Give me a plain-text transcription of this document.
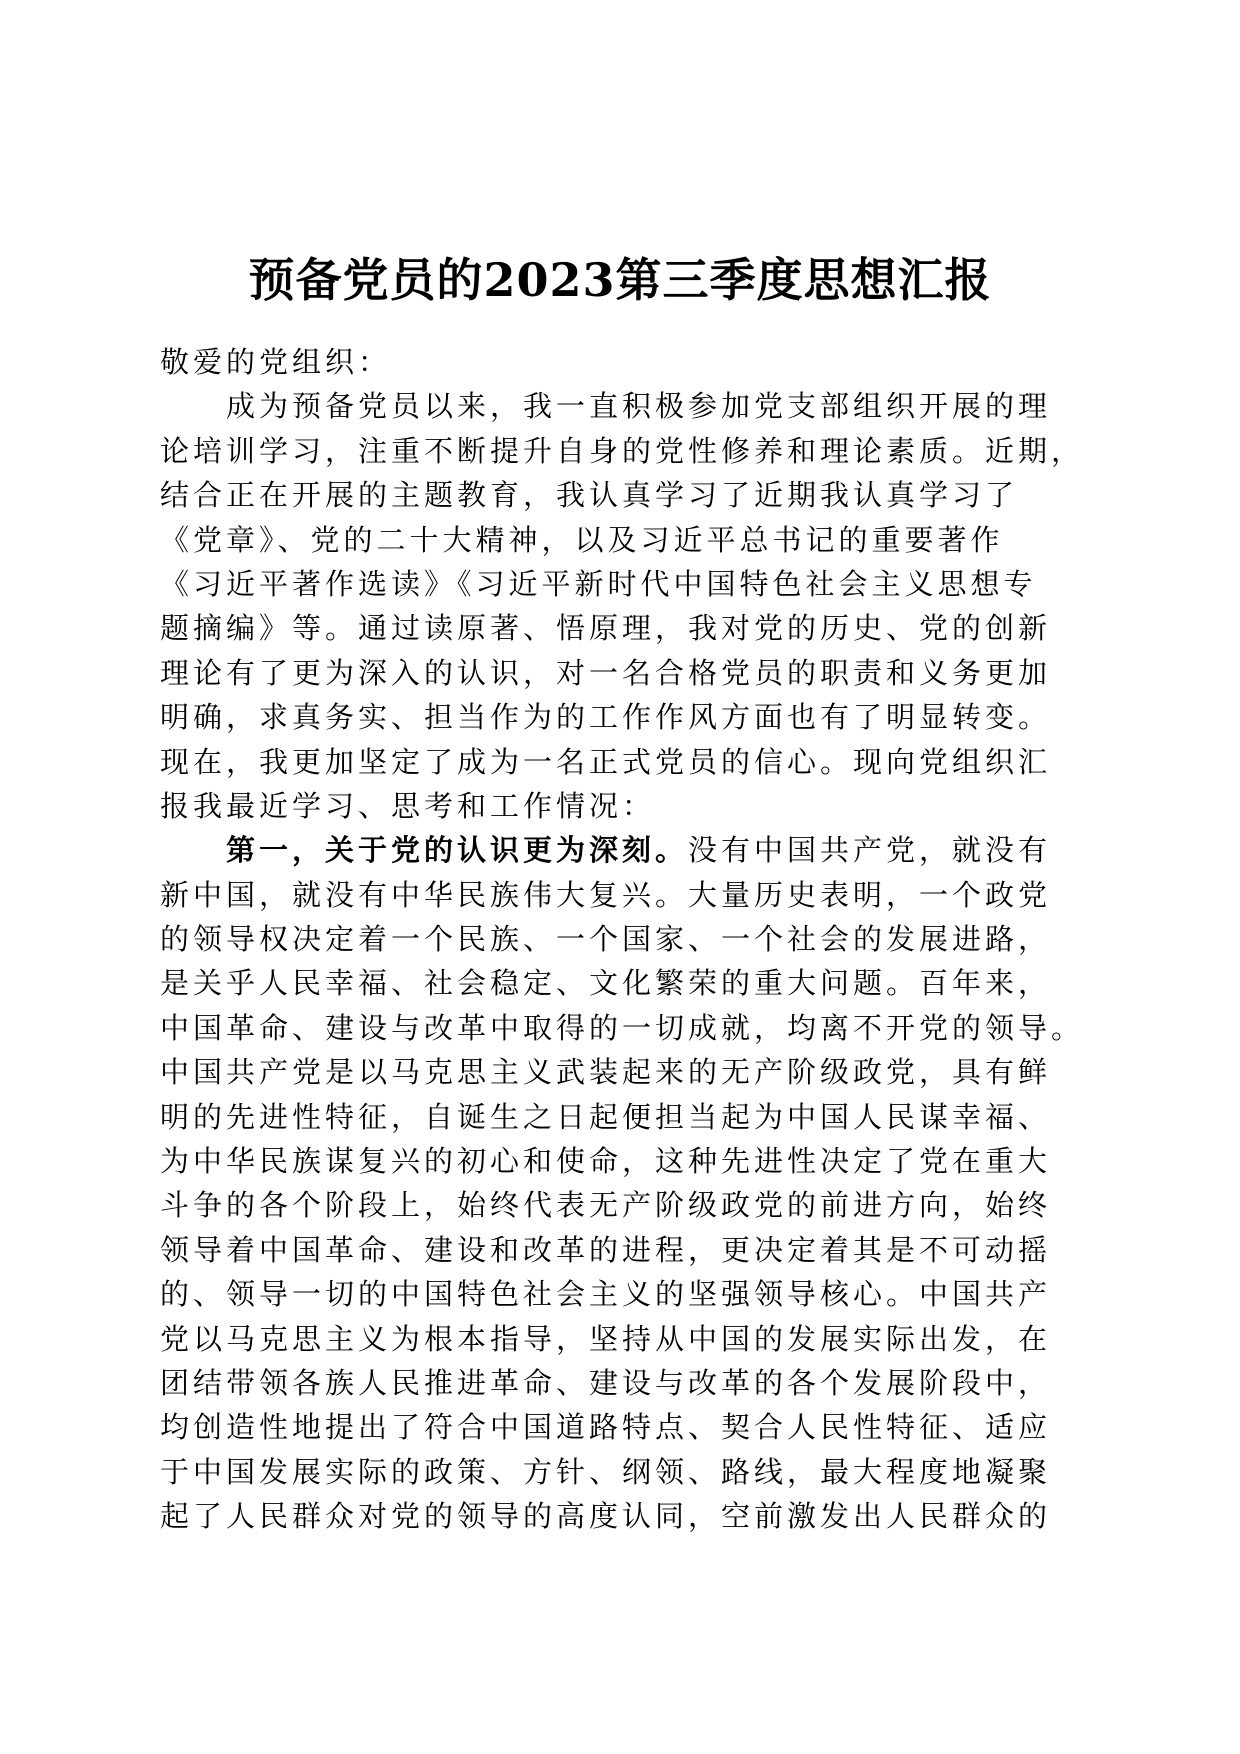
预备党员的2023第三季度思想汇报
敬爱的党组织：
成为预备党员以来，我一直积极参加党支部组织开展的理
论培训学习，注重不断提升自身的党性修养和理论素质。近期，
结合正在开展的主题教育，我认真学习了近期我认真学习了
《党章》、党的二十大精神，以及习近平总书记的重要著作
《习近平著作选读》《习近平新时代中国特色社会主义思想专
题摘编》等。通过读原著、悟原理，我对党的历史、党的创新
理论有了更为深入的认识，对一名合格党员的职责和义务更加
明确，求真务实、担当作为的工作作风方面也有了明显转变。
现在，我更加坚定了成为一名正式党员的信心。现向党组织汇
报我最近学习、思考和工作情况：
第一，关于党的认识更为深刻。没有中国共产党，就没有
新中国，就没有中华民族伟大复兴。大量历史表明，一个政党
的领导权决定着一个民族、一个国家、一个社会的发展进路，
是关乎人民幸福、社会稳定、文化繁荣的重大问题。百年来，
中国革命、建设与改革中取得的一切成就，均离不开党的领导。
中国共产党是以马克思主义武装起来的无产阶级政党，具有鲜
明的先进性特征，自诞生之日起便担当起为中国人民谋幸福、
为中华民族谋复兴的初心和使命，这种先进性决定了党在重大
斗争的各个阶段上，始终代表无产阶级政党的前进方向，始终
领导着中国革命、建设和改革的进程，更决定着其是不可动摇
的、领导一切的中国特色社会主义的坚强领导核心。中国共产
党以马克思主义为根本指导，坚持从中国的发展实际出发，在
团结带领各族人民推进革命、建设与改革的各个发展阶段中，
均创造性地提出了符合中国道路特点、契合人民性特征、适应
于中国发展实际的政策、方针、纲领、路线，最大程度地凝聚
起了人民群众对党的领导的高度认同，空前激发出人民群众的
